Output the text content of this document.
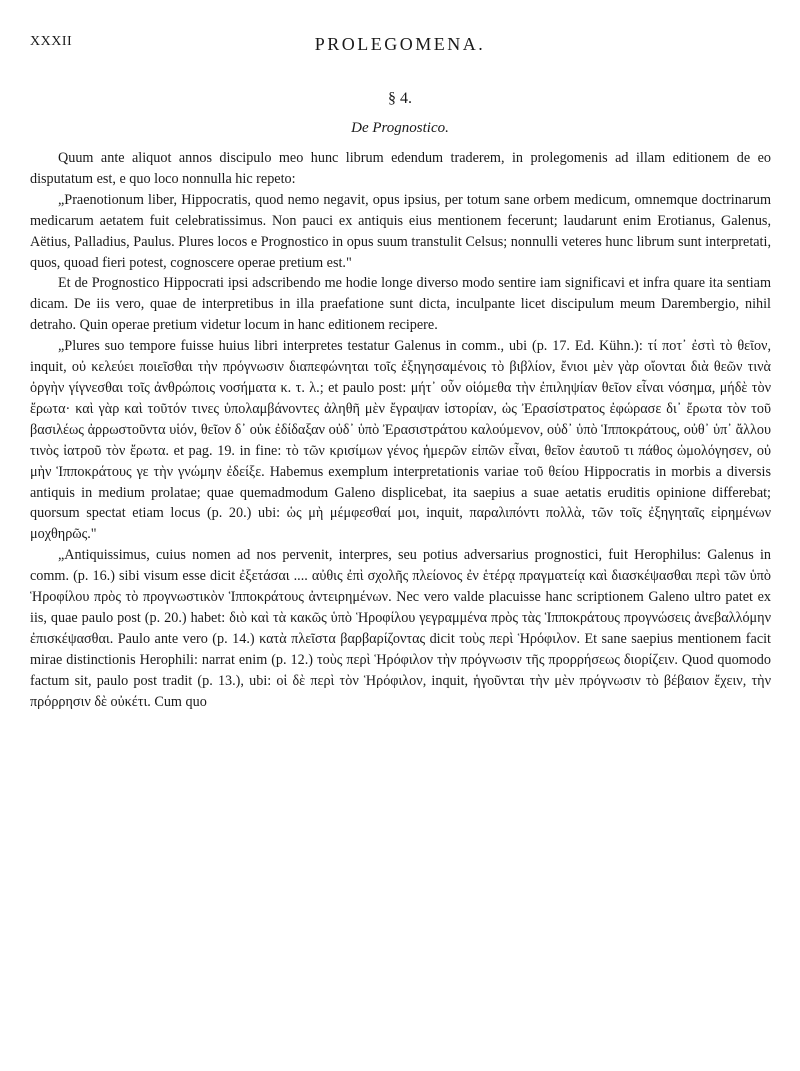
XXXII	PROLEGOMENA.
§ 4.
De Prognostico.

Quum ante aliquot annos discipulo meo hunc librum edendum traderem, in prolegomenis ad illam editionem de eo disputatum est, e quo loco nonnulla hic repeto:

„Praenotionum liber, Hippocratis, quod nemo negavit, opus ipsius, per totum sane orbem medicum, omnemque doctrinarum medicarum aetatem fuit celebratissimus. Non pauci ex antiquis eius mentionem fecerunt; laudarunt enim Erotianus, Galenus, Aëtius, Palladius, Paulus. Plures locos e Prognostico in opus suum transtulit Celsus; nonnulli veteres hunc librum sunt interpretati, quos, quoad fieri potest, cognoscere operae pretium est."

Et de Prognostico Hippocrati ipsi adscribendo me hodie longe diverso modo sentire iam significavi et infra quare ita sentiam dicam. De iis vero, quae de interpretibus in illa praefatione sunt dicta, inculpante licet discipulum meum Darembergio, nihil detraho. Quin operae pretium videtur locum in hanc editionem recipere.

„Plures suo tempore fuisse huius libri interpretes testatur Galenus in comm., ubi (p. 17. Ed. Kühn.): τί ποτ᾽ ἐστὶ τὸ θεῖον, inquit, οὐ κελεύει ποιεῖσθαι τὴν πρόγνωσιν διαπεφώνηται τοῖς ἐξηγησαμένοις τὸ βιβλίον, ἔνιοι μὲν γὰρ οἴονται διὰ θεῶν τινὰ ὀργὴν γίγνεσθαι τοῖς ἀνθρώποις νοσήματα κ. τ. λ.; et paulo post: μήτ᾽ οὖν οἰόμεθα τὴν ἐπιληψίαν θεῖον εἶναι νόσημα, μήδὲ τὸν ἔρωτα· καὶ γὰρ καὶ τοῦτόν τινες ὑπολαμβάνοντες ἀληθῆ μὲν ἔγραψαν ἱστορίαν, ὡς Ἐρασίστρατος ἐφώρασε δι᾽ ἔρωτα τὸν τοῦ βασιλέως ἀρρωστοῦντα υἱόν, θεῖον δ᾽ οὐκ ἐδίδαξαν οὐδ᾽ ὑπὸ Ἐρασιστράτου καλούμενον, οὐδ᾽ ὑπὸ Ἱπποκράτους, οὐθ᾽ ὑπ᾽ ἄλλου τινὸς ἰατροῦ τὸν ἔρωτα. et pag. 19. in fine: τὸ τῶν κρισίμων γένος ἡμερῶν εἰπῶν εἶναι, θεῖον ἑαυτοῦ τι πάθος ὡμολόγησεν, οὐ μὴν Ἱπποκράτους γε τὴν γνώμην ἐδείξε. Habemus exemplum interpretationis variae τοῦ θείου Hippocratis in morbis a diversis antiquis in medium prolatae; quae quemadmodum Galeno displicebat, ita saepius a suae aetatis eruditis opinione differebat; quorsum spectat etiam locus (p. 20.) ubi: ὡς μὴ μέμφεσθαί μοι, inquit, παραλιπόντι πολλὰ, τῶν τοῖς ἐξηγηταῖς εἰρημένων μοχθηρῶς."

„Antiquissimus, cuius nomen ad nos pervenit, interpres, seu potius adversarius prognostici, fuit Herophilus: Galenus in comm. (p. 16.) sibi visum esse dicit ἐξετάσαι .... αὐθις ἐπὶ σχολῆς πλείονος ἐν ἑτέρᾳ πραγματείᾳ καὶ διασκέψασθαι περὶ τῶν ὑπὸ Ἡροφίλου πρὸς τὸ προγνωστικὸν Ἱπποκράτους ἀντειρημένων. Nec vero valde placuisse hanc scriptionem Galeno ultro patet ex iis, quae paulo post (p. 20.) habet: διὸ καὶ τὰ κακῶς ὑπὸ Ἡροφίλου γεγραμμένα πρὸς τὰς Ἱπποκράτους προγνώσεις ἀνεβαλλόμην ἐπισκέψασθαι. Paulo ante vero (p. 14.) κατὰ πλεῖστα βαρβαρίζοντας dicit τοὺς περὶ Ἡρόφιλον. Et sane saepius mentionem facit mirae distinctionis Herophili: narrat enim (p. 12.) τοὺς περὶ Ἡρόφιλον τὴν πρόγνωσιν τῆς προρρήσεως διορίζειν. Quod quomodo factum sit, paulo post tradit (p. 13.), ubi: οἱ δὲ περὶ τὸν Ἡρόφιλον, inquit, ἡγοῦνται τὴν μὲν πρόγνωσιν τὸ βέβαιον ἔχειν, τὴν πρόρρησιν δὲ οὐκέτι. Cum quo
